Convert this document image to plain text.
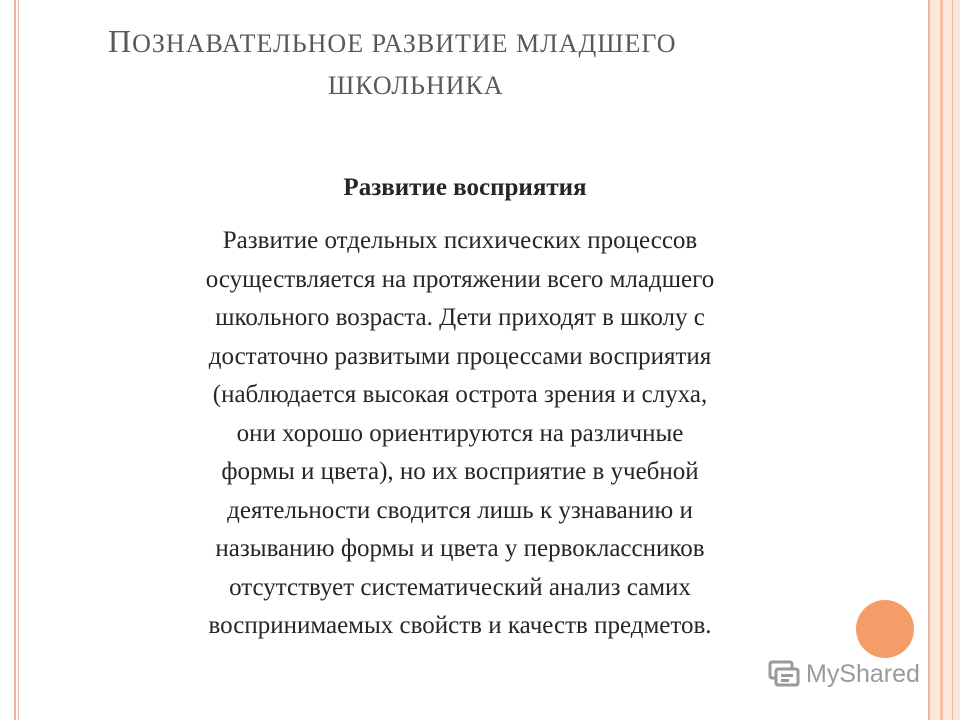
ПОЗНАВАТЕЛЬНОЕ РАЗВИТИЕ МЛАДШЕГО
ШКОЛЬНИКА
Развитие восприятия
Развитие отдельных психических процессов
осуществляется на протяжении всего младшего
школьного возраста. Дети приходят в школу с
достаточно развитыми процессами восприятия
(наблюдается высокая острота зрения и слуха,
они хорошо ориентируются на различные
формы и цвета), но их восприятие в учебной
деятельности сводится лишь к узнаванию и
называнию формы и цвета у первоклассников
отсутствует систематический анализ самих
воспринимаемых свойств и качеств предметов.
MyShared
